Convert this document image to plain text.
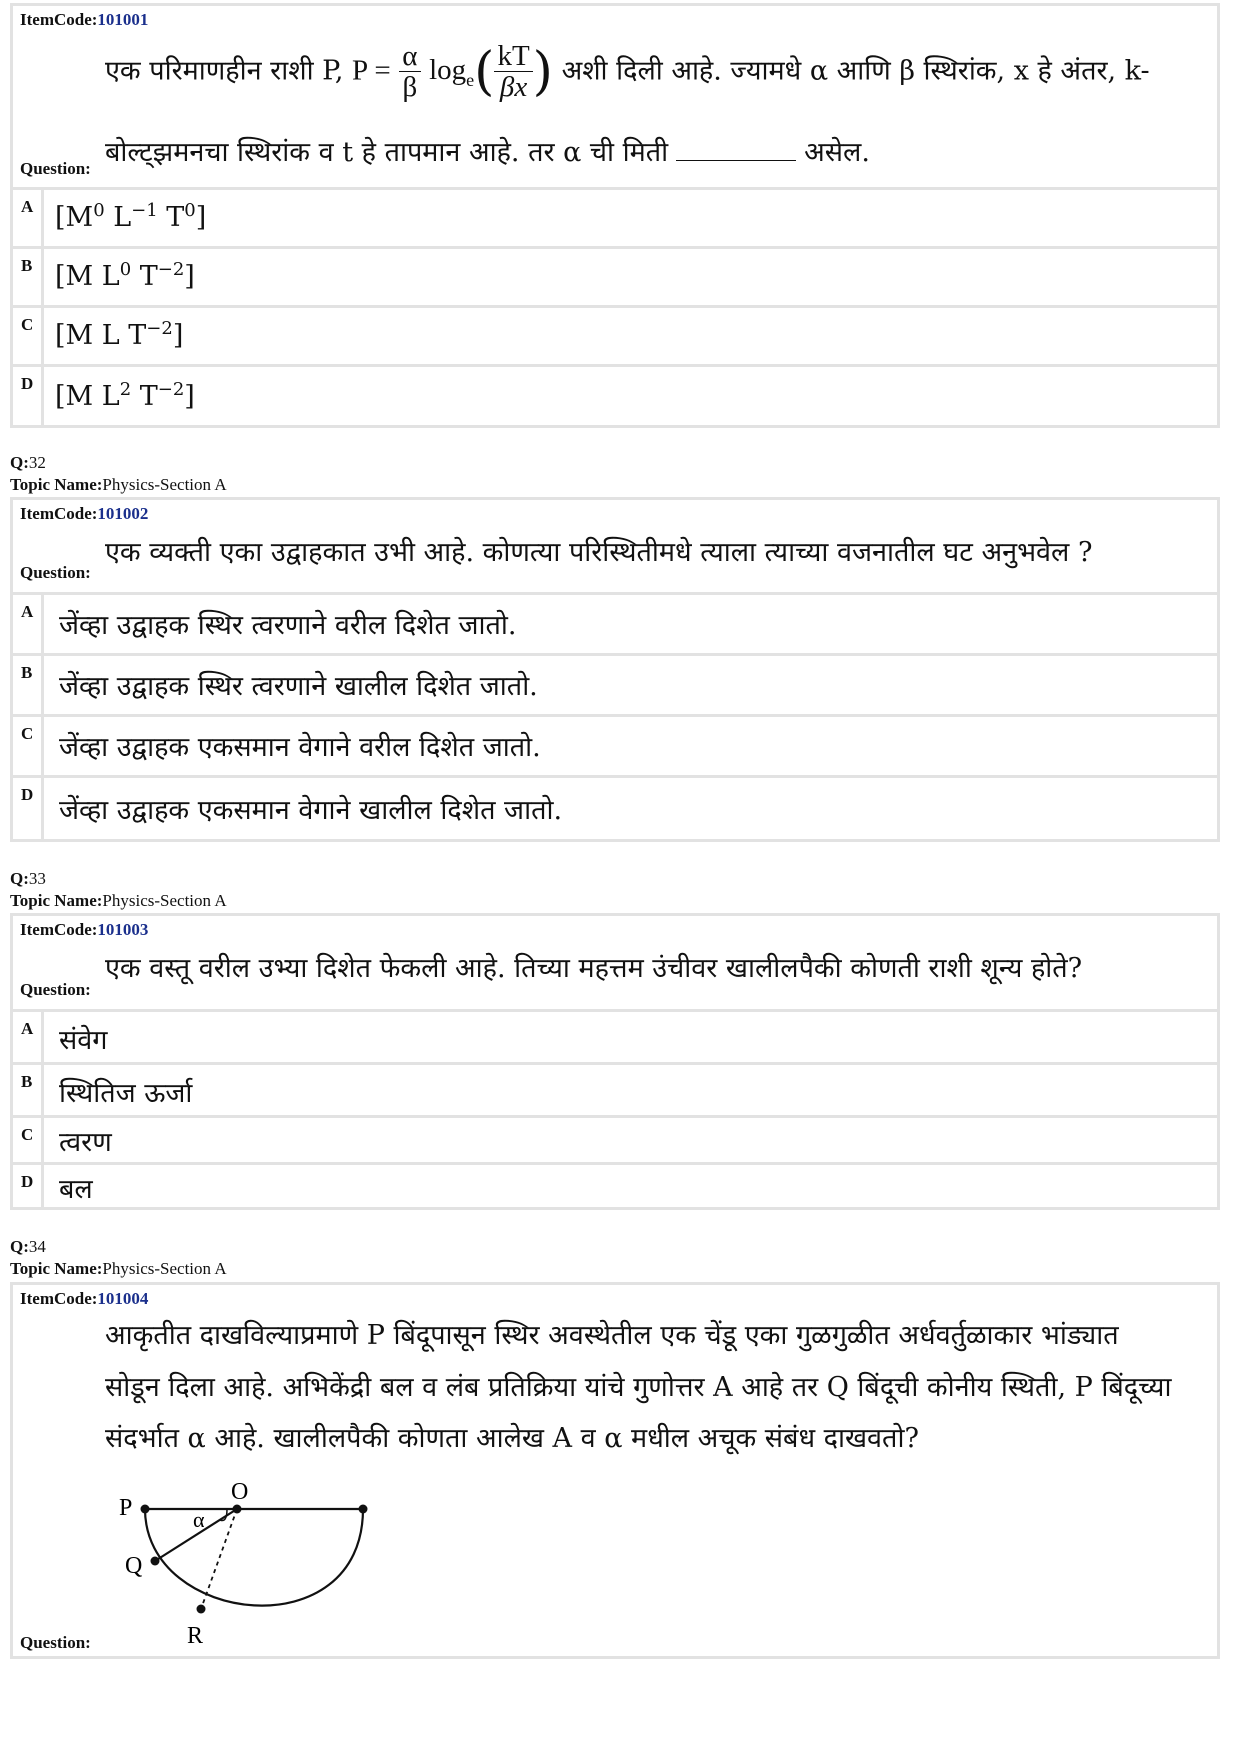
ItemCode:101001
एक परिमाणहीन राशी P, $P = \frac{\alpha}{\beta} \log_e( \frac{kT}{\beta x}$ ) अशी दिली आहे. ज्यामधे α आणि β स्थिरांक, x हे अंतर, k-
बोल्ट्झमनचा स्थिरांक व t हे तापमान आहे. तर α ची मिती	असेल.
Question:
A [$M^0$ $L^{-1}$ $T^0$]
B [M $L^0$ $T^{-2}$]
C [M L $T^{-2}$]
D [M $L^2$ $T^{-2}$]
Q:32
Topic Name:Physics-Section A
ItemCode:101002
एक व्यक्ती एका उद्वाहकात उभी आहे. कोणत्या परिस्थितीमधे त्याला त्याच्या वजनातील घट अनुभवेल ?
Question:
A जेंव्हा उद्वाहक स्थिर त्वरणाने वरील दिशेत जातो.
B जेंव्हा उद्वाहक स्थिर त्वरणाने खालील दिशेत जातो.
C जेंव्हा उद्वाहक एकसमान वेगाने वरील दिशेत जातो.
D
जेंव्हा उद्वाहक एकसमान वेगाने खालील दिशेत जातो.
Q:33
Topic Name:Physics-Section A
ItemCode:101003
एक वस्तू वरील उभ्या दिशेत फेकली आहे. तिच्या महत्तम उंचीवर खालीलपैकी कोणती राशी शून्य होते?
Question:
A संवेग
B स्थितिज ऊर्जा
C त्वरण
D बल
Q:34
Topic Name:Physics-Section A
ItemCode:101004
आकृतीत दाखविल्याप्रमाणे P बिंदूपासून स्थिर अवस्थेतील एक चेंडू एका गुळगुळीत अर्धवर्तुळाकार भांड्यात
सोडून दिला आहे. अभिकेंद्री बल व लंब प्रतिक्रिया यांचे गुणोत्तर A आहे तर Q बिंदूची कोनीय स्थिती, P बिंदूच्या
संदर्भात α आहे. खालीलपैकी कोणता आलेख A व α मधील अचूक संबंध दाखवतो?
P
O
α
Q
R
Question:
